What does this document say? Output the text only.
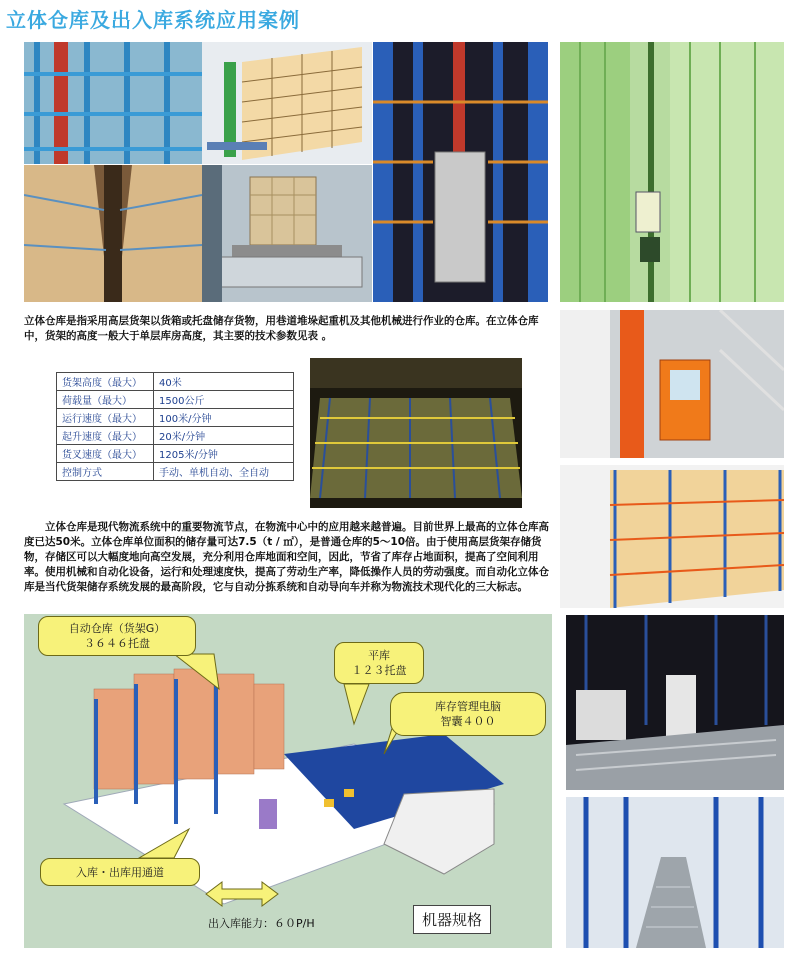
立体仓库及出入库系统应用案例
立体仓库是指采用高层货架以货箱或托盘储存货物，用巷道堆垛起重机及其他机械进行作业的仓库。在立体仓库中，货架的高度一般大于单层库房高度，其主要的技术参数见表 。
货架高度（最大）	40米
荷载量（最大）	1500公斤
运行速度（最大）	100米/分钟
起升速度（最大）	20米/分钟
货叉速度（最大）	1205米/分钟
控制方式	手动、单机自动、全自动
立体仓库是现代物流系统中的重要物流节点，在物流中心中的应用越来越普遍。目前世界上最高的立体仓库高度已达50米。立体仓库单位面积的储存量可达7.5（t / ㎡），是普通仓库的5～10倍。由于使用高层货架存储货物，存储区可以大幅度地向高空发展，充分利用仓库地面和空间，因此，节省了库存占地面积，提高了空间利用率。使用机械和自动化设备，运行和处理速度快，提高了劳动生产率，降低操作人员的劳动强度。而自动化立体仓库是当代货架储存系统发展的最高阶段，它与自动分拣系统和自动导向车并称为物流技术现代化的三大标志。
自动仓库（货架G）
３６４６托盘
平库
１２３托盘
库存管理电脑
智囊４００
入库・出库用通道
出入库能力：６０P/H	机器规格
